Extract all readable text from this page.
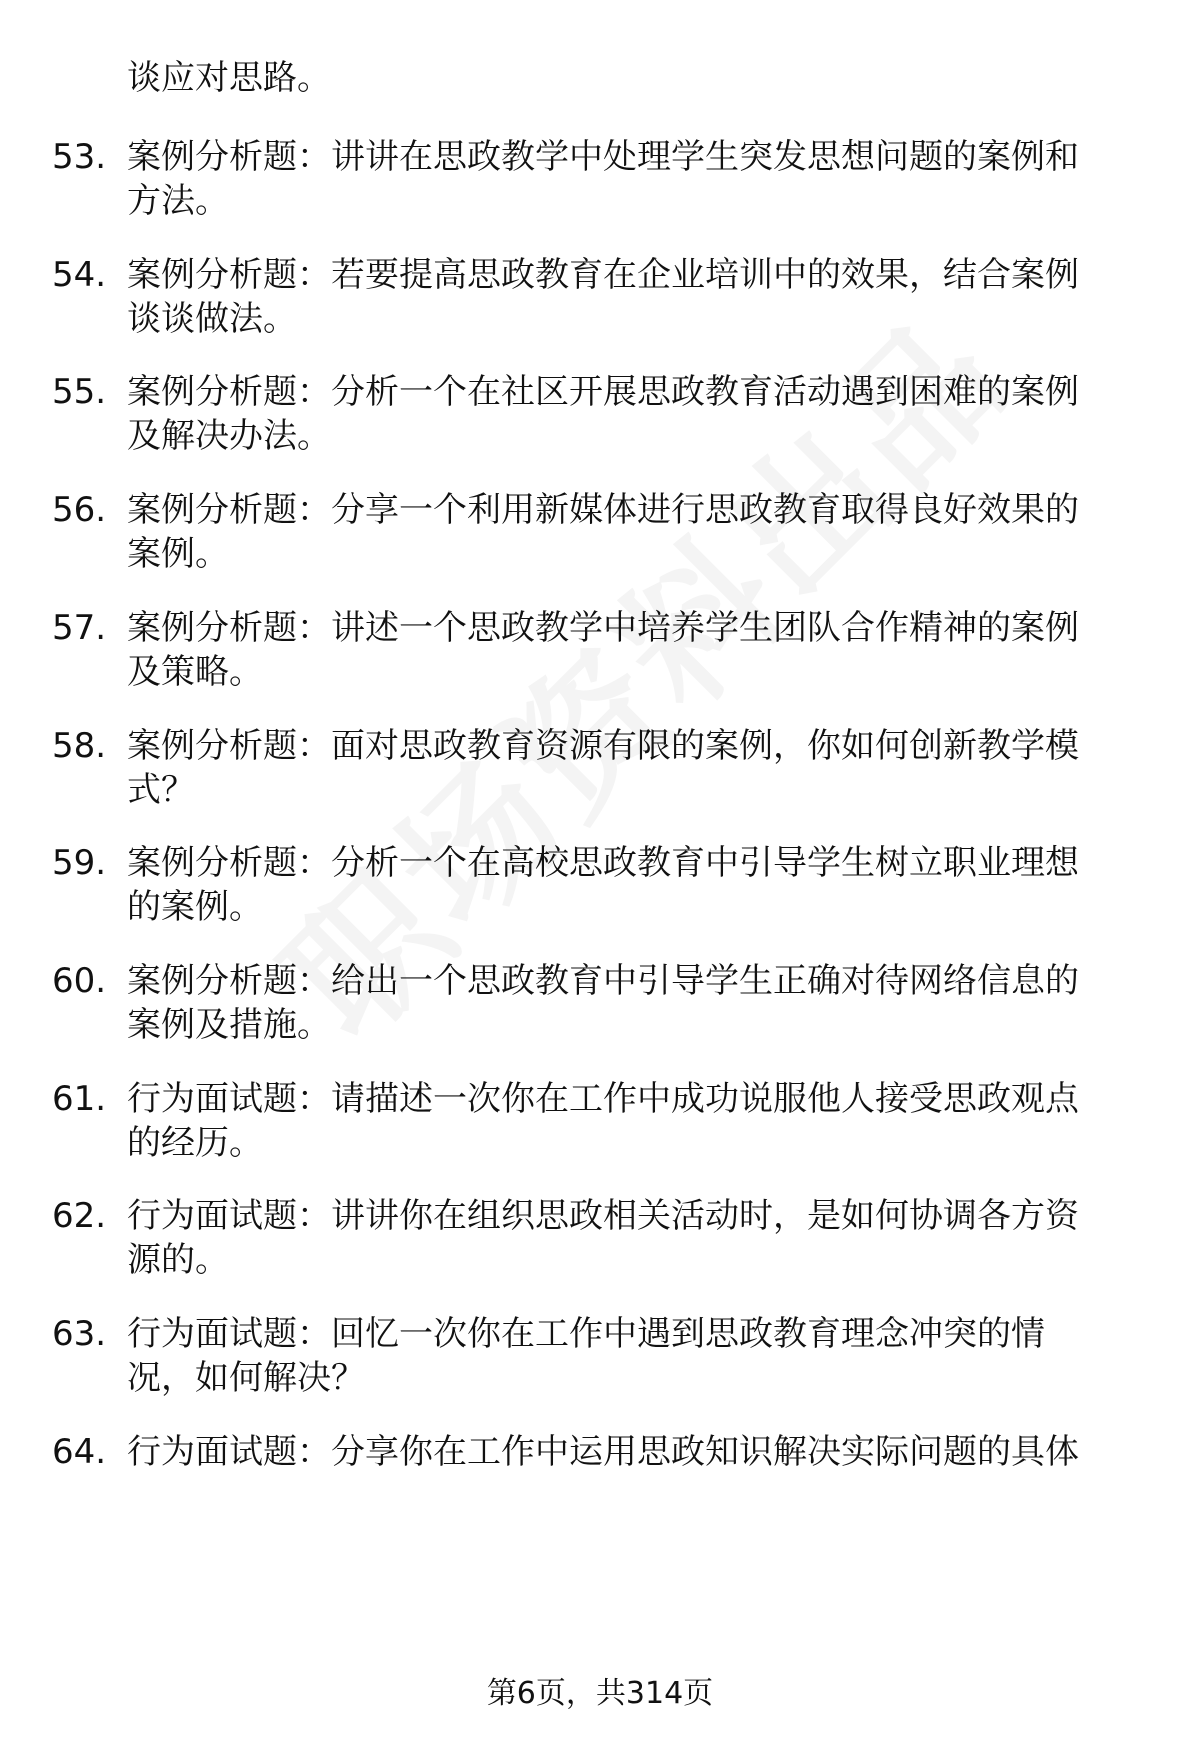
谈应对思路。
53. 案例分析题：讲讲在思政教学中处理学生突发思想问题的案例和
方法。
54. 案例分析题：若要提高思政教育在企业培训中的效果，结合案例
谈谈做法。
55. 案例分析题：分析一个在社区开展思政教育活动遇到困难的案例
及解决办法。
56. 案例分析题：分享一个利用新媒体进行思政教育取得良好效果的
案例。
57. 案例分析题：讲述一个思政教学中培养学生团队合作精神的案例
及策略。
58. 案例分析题：面对思政教育资源有限的案例，你如何创新教学模
式？
59. 案例分析题：分析一个在高校思政教育中引导学生树立职业理想
的案例。
60. 案例分析题：给出一个思政教育中引导学生正确对待网络信息的
案例及措施。
61. 行为面试题：请描述一次你在工作中成功说服他人接受思政观点
的经历。
62. 行为面试题：讲讲你在组织思政相关活动时，是如何协调各方资
源的。
63. 行为面试题：回忆一次你在工作中遇到思政教育理念冲突的情
况，如何解决？
64. 行为面试题：分享你在工作中运用思政知识解决实际问题的具体
第6页，共314页
